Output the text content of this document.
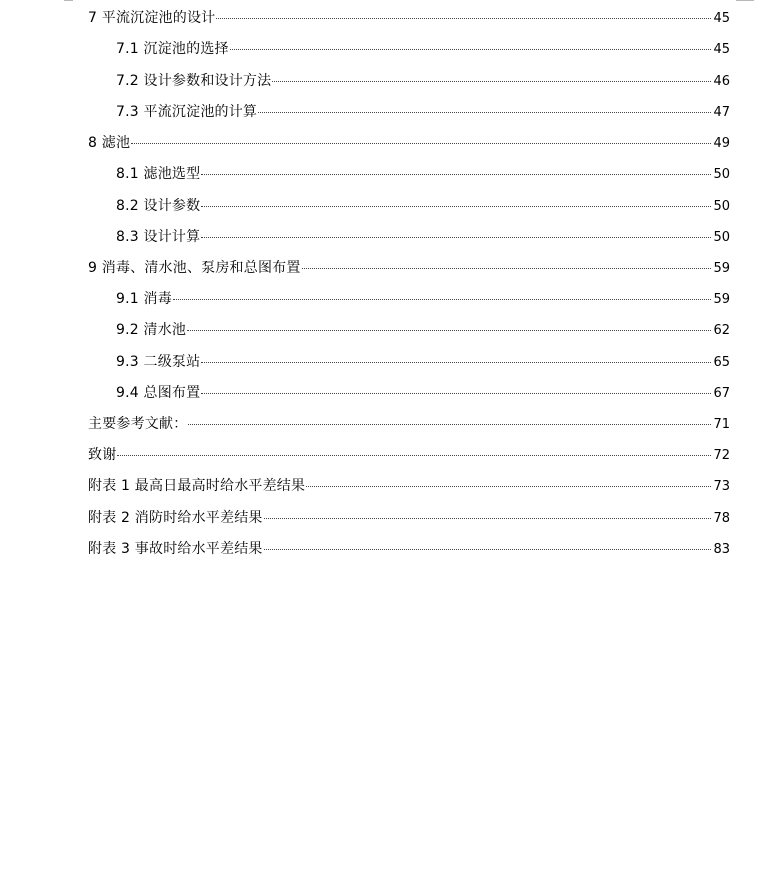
7 平流沉淀池的设计	45
7.1 沉淀池的选择	45
7.2 设计参数和设计方法	46
7.3 平流沉淀池的计算	47
8 滤池	49
8.1 滤池选型	50
8.2 设计参数	50
8.3 设计计算	50
9 消毒、清水池、泵房和总图布置	59
9.1 消毒	59
9.2 清水池	62
9.3 二级泵站	65
9.4 总图布置	67
主要参考文献：	71
致谢	72
附表 1 最高日最高时给水平差结果	73
附表 2 消防时给水平差结果	78
附表 3 事故时给水平差结果	83
